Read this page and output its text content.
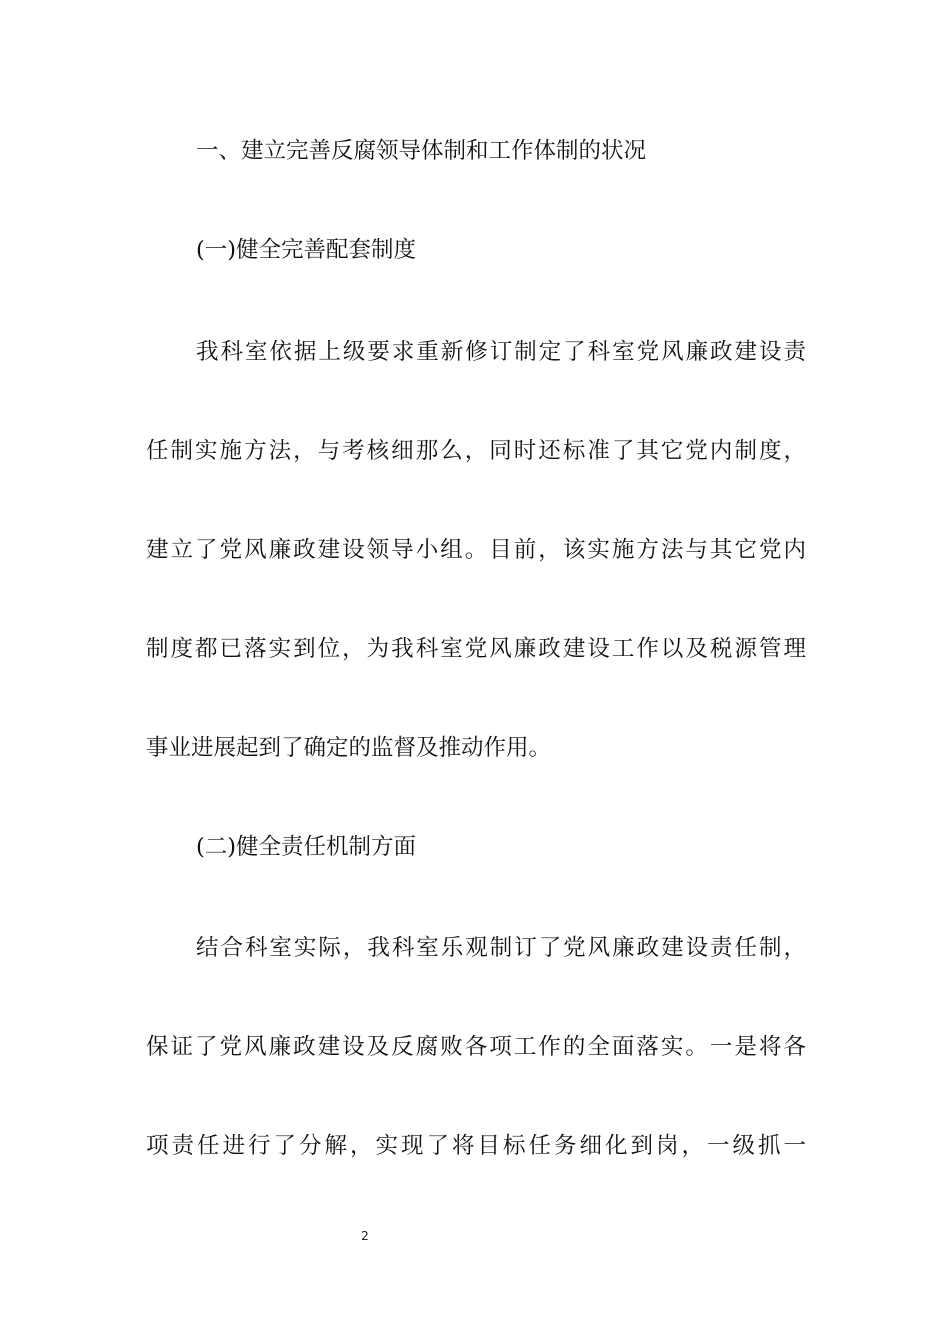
一、建立完善反腐领导体制和工作体制的状况
(一)健全完善配套制度
我科室依据上级要求重新修订制定了科室党风廉政建设责
任制实施方法，与考核细那么，同时还标准了其它党内制度，
建立了党风廉政建设领导小组。目前，该实施方法与其它党内
制度都已落实到位，为我科室党风廉政建设工作以及税源管理
事业进展起到了确定的监督及推动作用。
(二)健全责任机制方面
结合科室实际，我科室乐观制订了党风廉政建设责任制，
保证了党风廉政建设及反腐败各项工作的全面落实。一是将各
项责任进行了分解，实现了将目标任务细化到岗，一级抓一
2
